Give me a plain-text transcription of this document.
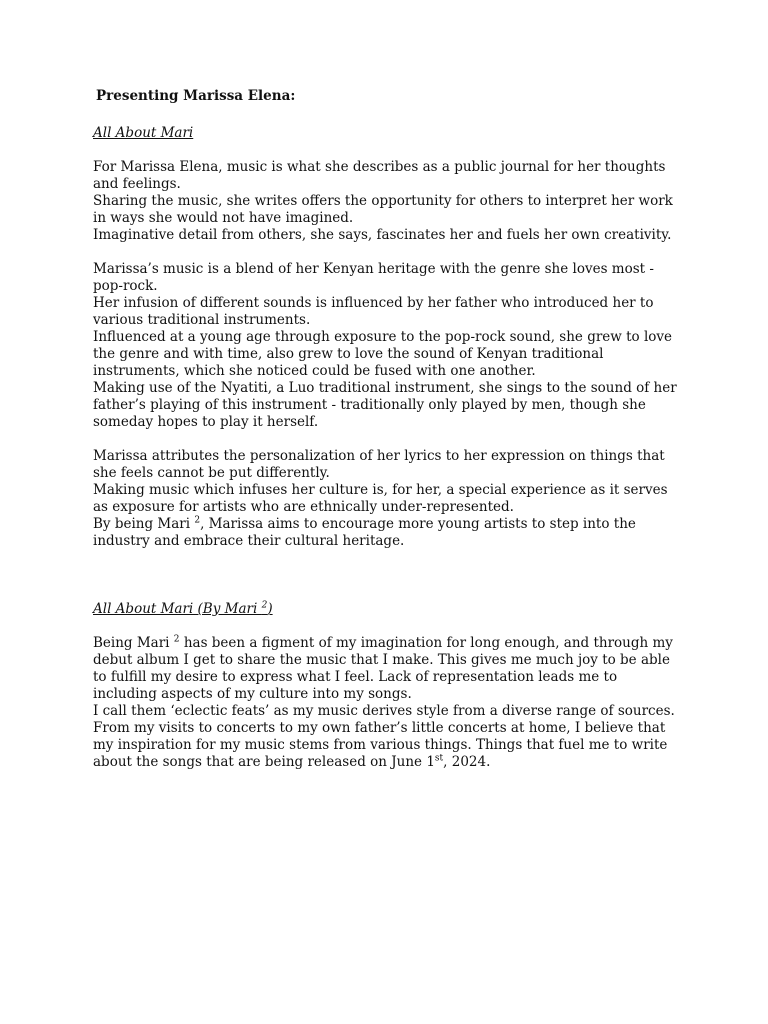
Presenting Marissa Elena:

All About Mari

For Marissa Elena, music is what she describes as a public journal for her thoughts and feelings.

Sharing the music, she writes offers the opportunity for others to interpret her work in ways she would not have imagined.

Imaginative detail from others, she says, fascinates her and fuels her own creativity.

Marissa’s music is a blend of her Kenyan heritage with the genre she loves most - pop-rock.

Her infusion of different sounds is influenced by her father who introduced her to various traditional instruments.

Influenced at a young age through exposure to the pop-rock sound, she grew to love the genre and with time, also grew to love the sound of Kenyan traditional instruments, which she noticed could be fused with one another.

Making use of the Nyatiti, a Luo traditional instrument, she sings to the sound of her father’s playing of this instrument - traditionally only played by men, though she someday hopes to play it herself.

Marissa attributes the personalization of her lyrics to her expression on things that she feels cannot be put differently.

Making music which infuses her culture is, for her, a special experience as it serves as exposure for artists who are ethnically under-represented.

By being Mari $^2$, Marissa aims to encourage more young artists to step into the industry and embrace their cultural heritage.

All About Mari (By Mari $^2$)

Being Mari $^2$ has been a figment of my imagination for long enough, and through my debut album I get to share the music that I make. This gives me much joy to be able to fulfill my desire to express what I feel. Lack of representation leads me to including aspects of my culture into my songs.

I call them ‘eclectic feats’ as my music derives style from a diverse range of sources.

From my visits to concerts to my own father’s little concerts at home, I believe that my inspiration for my music stems from various things. Things that fuel me to write about the songs that are being released on June 1st, 2024.
